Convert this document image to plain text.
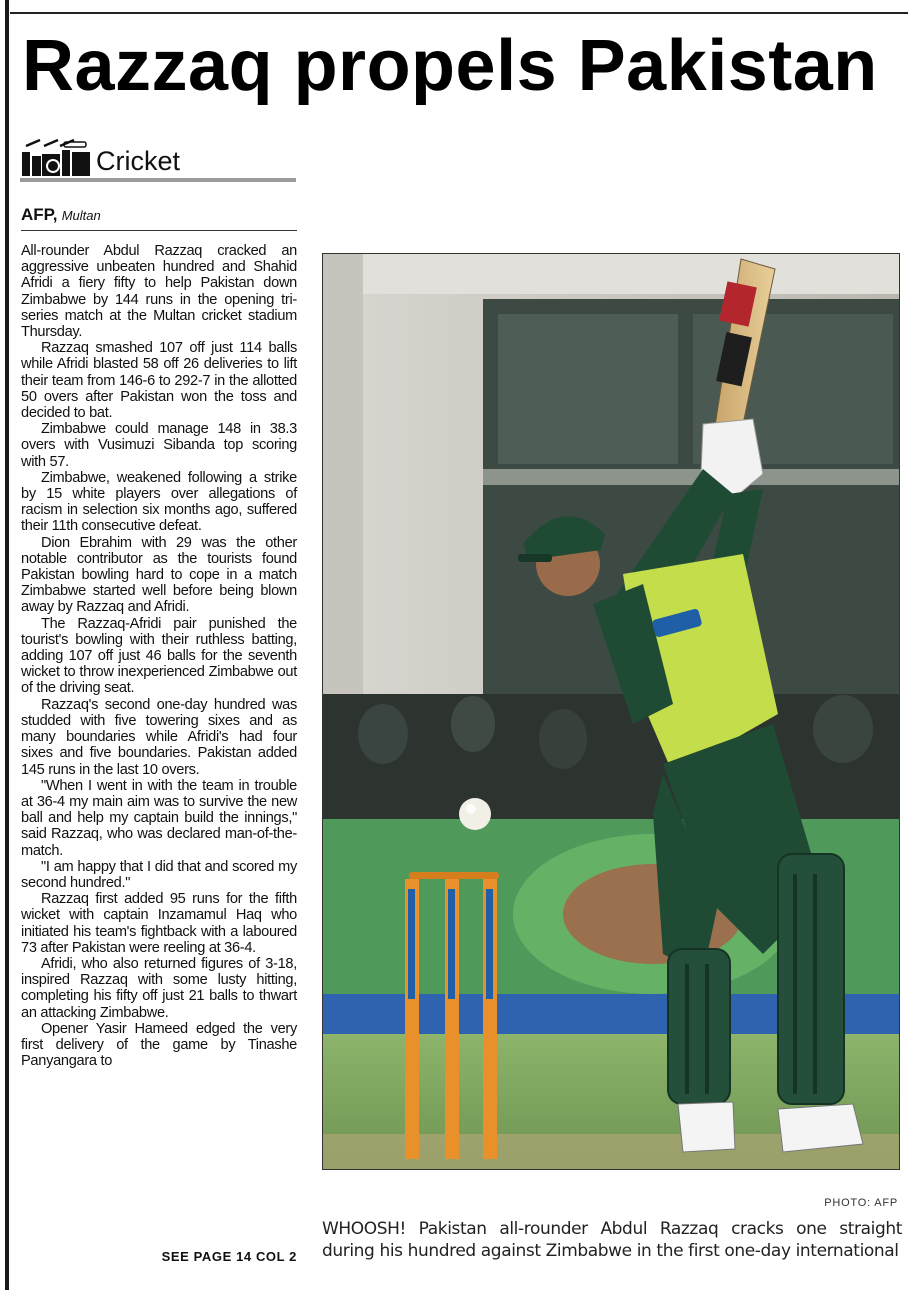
Razzaq propels Pakistan
Cricket
AFP, Multan

All-rounder Abdul Razzaq cracked an aggressive unbeaten hundred and Shahid Afridi a fiery fifty to help Pakistan down Zimbabwe by 144 runs in the opening tri-series match at the Multan cricket stadium Thursday.

Razzaq smashed 107 off just 114 balls while Afridi blasted 58 off 26 deliveries to lift their team from 146-6 to 292-7 in the allotted 50 overs after Pakistan won the toss and decided to bat.

Zimbabwe could manage 148 in 38.3 overs with Vusimuzi Sibanda top scoring with 57.

Zimbabwe, weakened following a strike by 15 white players over allegations of racism in selection six months ago, suffered their 11th consecutive defeat.

Dion Ebrahim with 29 was the other notable contributor as the tourists found Pakistan bowling hard to cope in a match Zimbabwe started well before being blown away by Razzaq and Afridi.

The Razzaq-Afridi pair punished the tourist's bowling with their ruthless batting, adding 107 off just 46 balls for the seventh wicket to throw inexperienced Zimbabwe out of the driving seat.

Razzaq's second one-day hundred was studded with five towering sixes and as many boundaries while Afridi's had four sixes and five boundaries. Pakistan added 145 runs in the last 10 overs.

"When I went in with the team in trouble at 36-4 my main aim was to survive the new ball and help my captain build the innings," said Razzaq, who was declared man-of-the-match.

"I am happy that I did that and scored my second hundred."

Razzaq first added 95 runs for the fifth wicket with captain Inzamamul Haq who initiated his team's fightback with a laboured 73 after Pakistan were reeling at 36-4.

Afridi, who also returned figures of 3-18, inspired Razzaq with some lusty hitting, completing his fifty off just 21 balls to thwart an attacking Zimbabwe.

Opener Yasir Hameed edged the very first delivery of the game by Tinashe Panyangara to

SEE PAGE 14 COL 2
PHOTO: AFP
WHOOSH! Pakistan all-rounder Abdul Razzaq cracks one straight during his hundred against Zimbabwe in the first one-day international
